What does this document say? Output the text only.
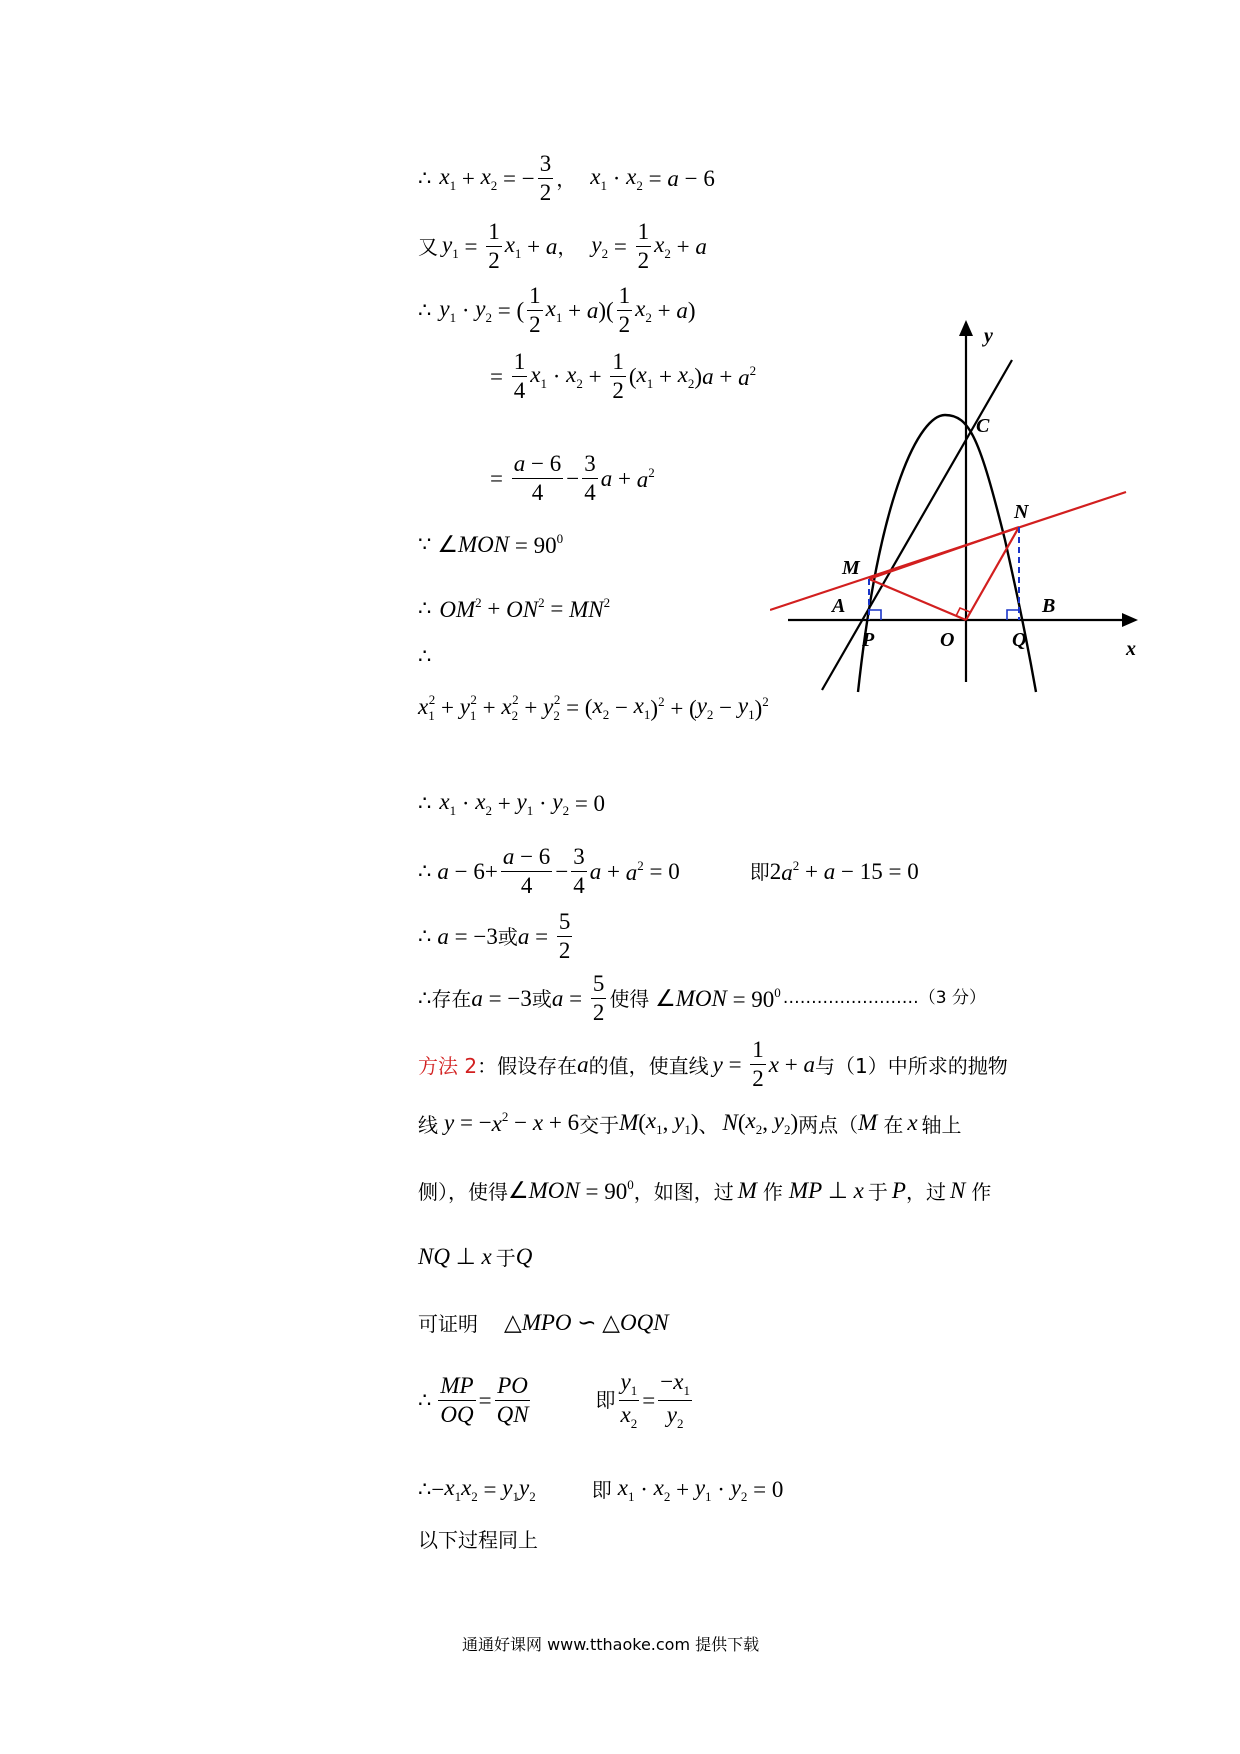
∴ $x_1 + x_2$ = − $\frac{3}{2}$ ， $x_1 \cdot x_2 = a - 6$
又 $y_1 = \frac{1}{2} x_1 + a$ ， $y_2 = \frac{1}{2} x_2 + a$
∴ $y_1 \cdot y_2$ = ( $\frac{1}{2} x_1 + a$ )( $\frac{1}{2} x_2 + a$ )
= $\frac{1}{4} x_1 \cdot x_2 + \frac{1}{2}$ ( $x_1 + x_2$ ) $a + a^2$
= $\frac{a - 6}{4} - \frac{3}{4}$ $a + a^2$
∵ ∠ MON = $90^0$
∴ $OM^2 + ON^2 = MN^2$
∴
$x_1^2 + y_1^2 + x_2^2 + y_2^2$ = ( $x_2 - x_1$ )$^2$ + ( $y_2 - y_1$ )$^2$
∴ $x_1 \cdot x_2 + y_1 \cdot y_2 = 0$
∴ $a - 6+ \frac{a - 6}{4} - \frac{3}{4}$ $a + a^2 = 0$	即 2 $a^2 + a - 15 = 0$
∴ a = −3 或 $a = \frac{5}{2}$
∴ 存在 a = −3 或 $a = \frac{5}{2}$ 使得 ∠ MON = $90^0$ ……………………（3 分）
方法 2 ： 假设存在 a 的值，使直线 $y = \frac{1}{2}$ x + a 与（1）中所求的抛物
线 y = − $x^2 - x + 6$ 交于 M ( $x_1$ , $y_1$ ) 、 N ( $x_2$ , $y_2$ ) 两点（ M 在 x 轴上
侧），使得 ∠ MON = $90^0$ ，如图，过 M 作 MP ⊥ x 于 P ，过 N 作
NQ ⊥ x 于 Q
可证明 △ MPO ∽ △ OQN
∴ $\frac{MP}{OQ} = \frac{PO}{QN}$	即 $\frac{y_1}{x_2} = \frac{-x_1}{y_2}$
∴ − $x_1x_2 = y_1y_2$	即 $x_1 \cdot x_2 + y_1 \cdot y_2 = 0$
以下过程同上
y
x
C
N
M
A	B
P	O	Q
通通好课网 www.tthaoke.com 提供下载
